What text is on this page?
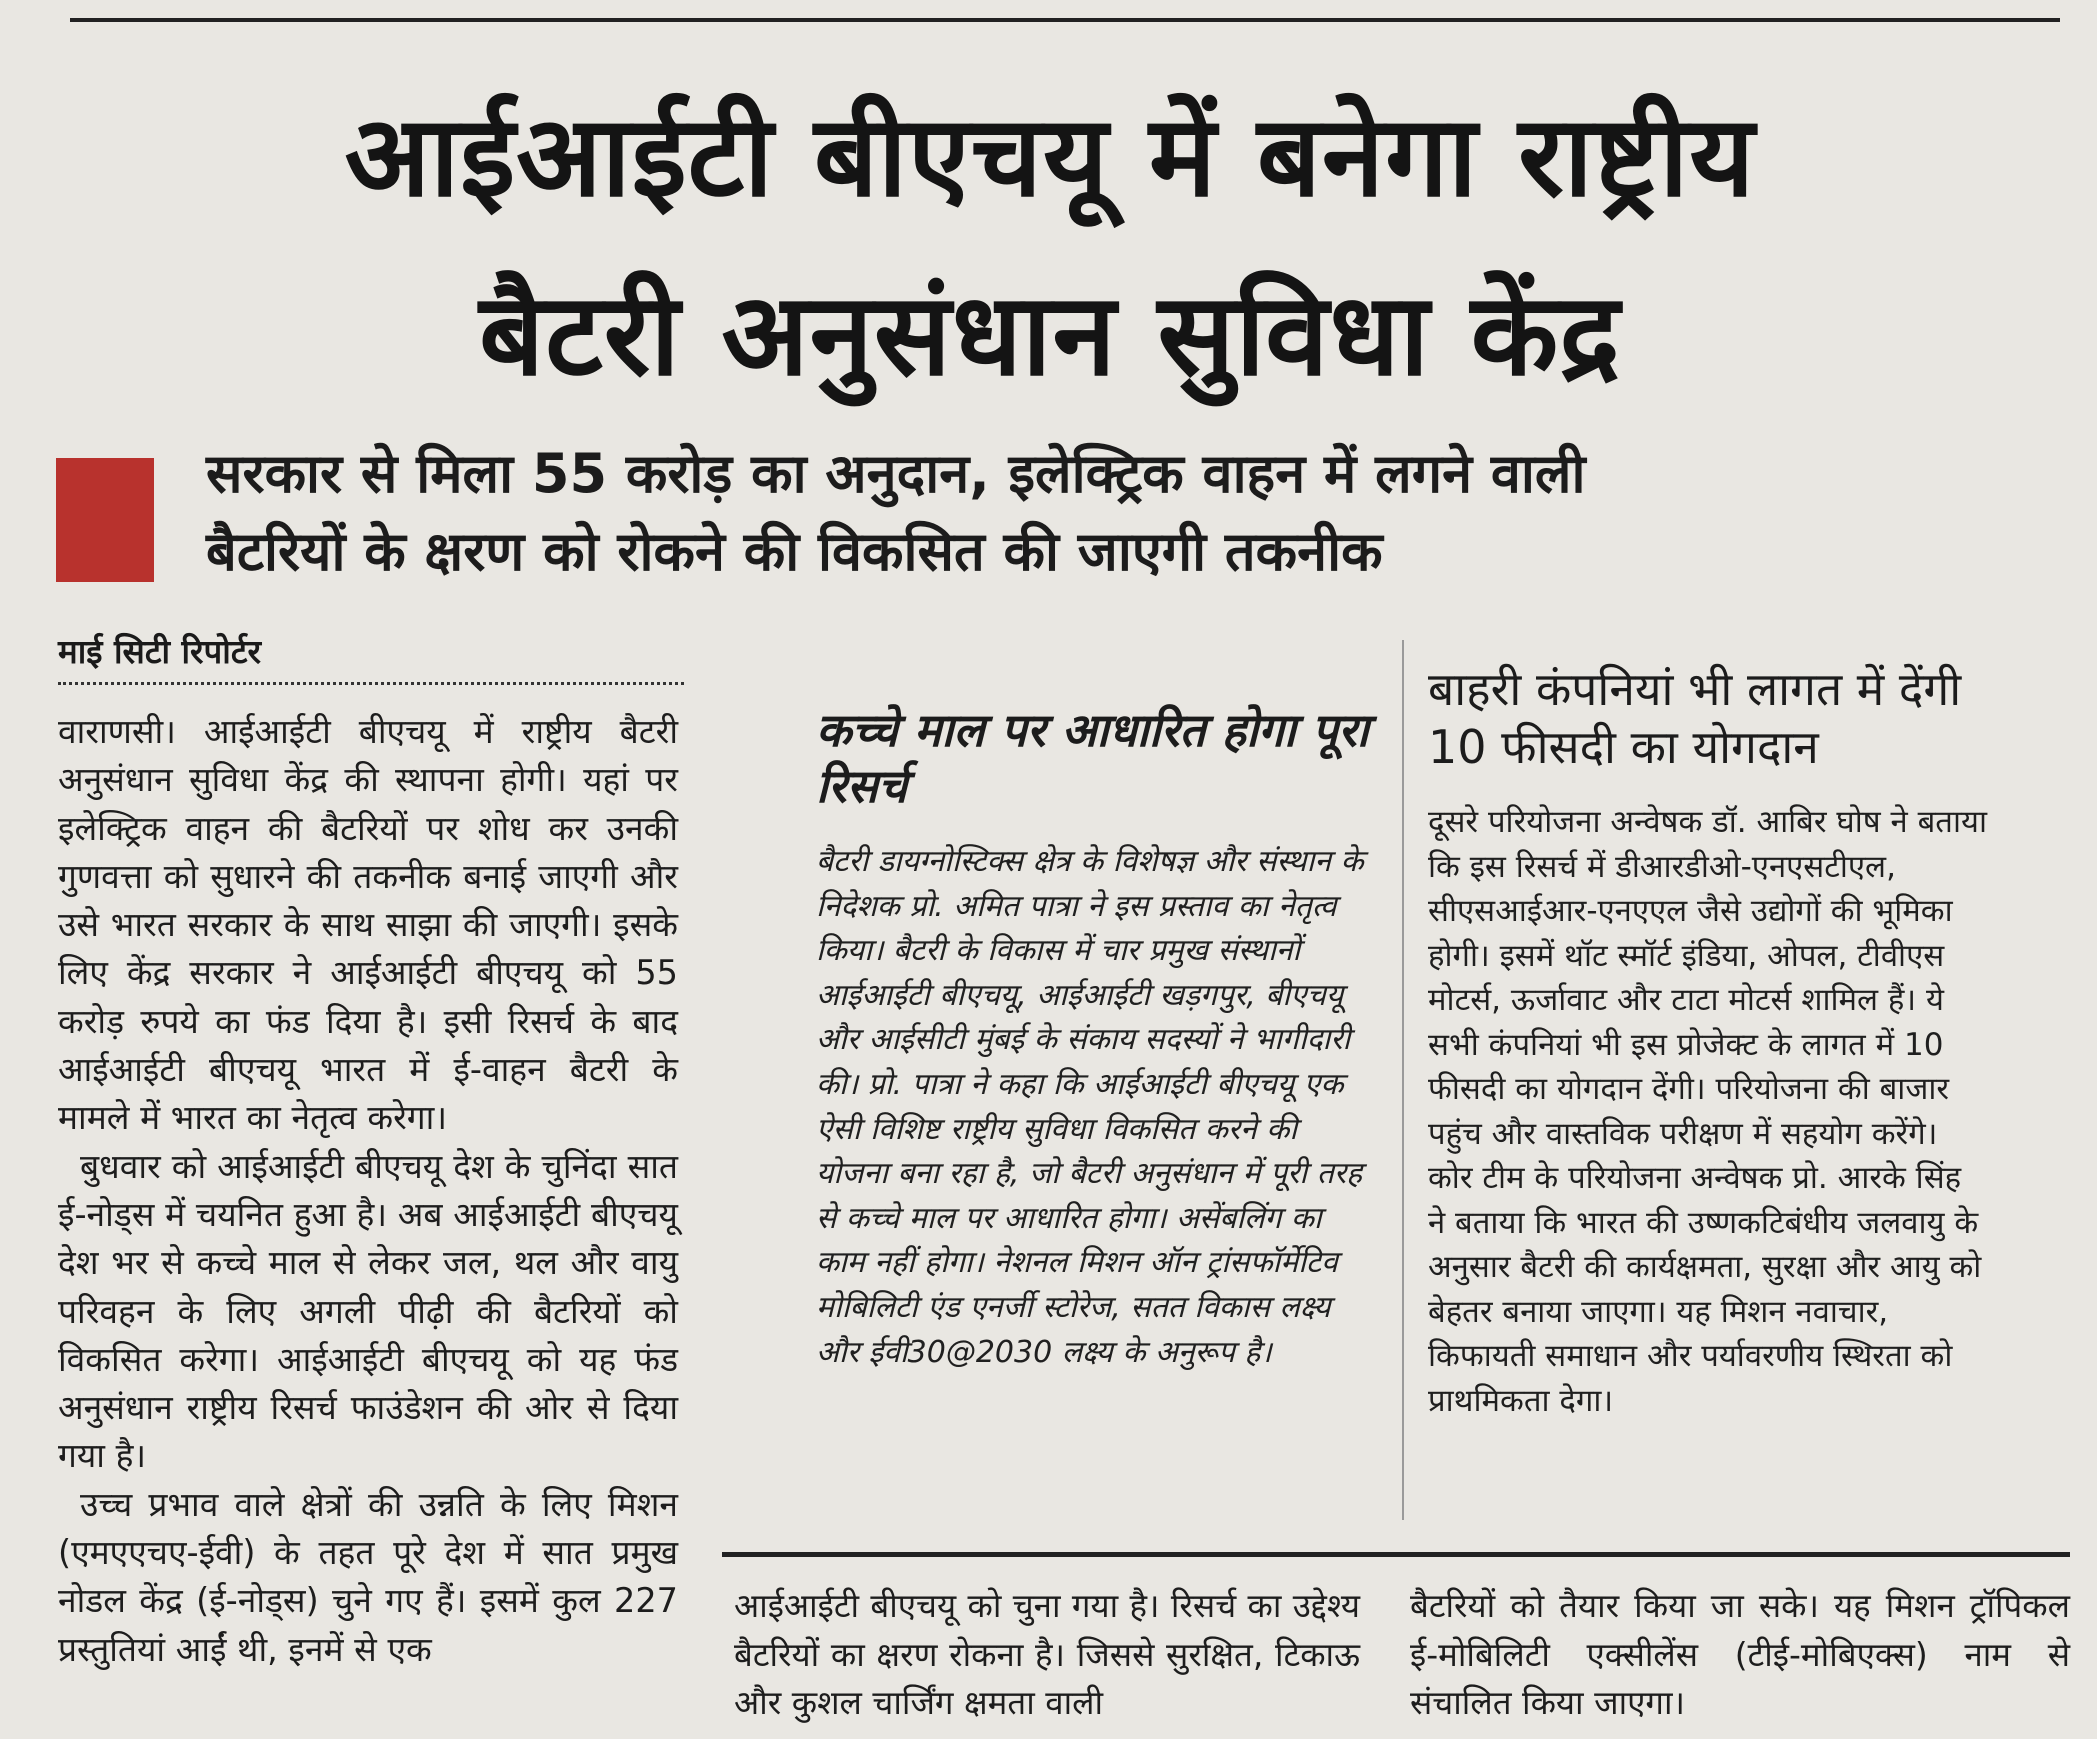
आईआईटी बीएचयू में बनेगा राष्ट्रीय
बैटरी अनुसंधान सुविधा केंद्र
सरकार से मिला 55 करोड़ का अनुदान, इलेक्ट्रिक वाहन में लगने वाली
बैटरियों के क्षरण को रोकने की विकसित की जाएगी तकनीक
माई सिटी रिपोर्टर

वाराणसी। आईआईटी बीएचयू में राष्ट्रीय बैटरी अनुसंधान सुविधा केंद्र की स्थापना होगी। यहां पर इलेक्ट्रिक वाहन की बैटरियों पर शोध कर उनकी गुणवत्ता को सुधारने की तकनीक बनाई जाएगी और उसे भारत सरकार के साथ साझा की जाएगी। इसके लिए केंद्र सरकार ने आईआईटी बीएचयू को 55 करोड़ रुपये का फंड दिया है। इसी रिसर्च के बाद आईआईटी बीएचयू भारत में ई-वाहन बैटरी के मामले में भारत का नेतृत्व करेगा।

बुधवार को आईआईटी बीएचयू देश के चुनिंदा सात ई-नोड्स में चयनित हुआ है। अब आईआईटी बीएचयू देश भर से कच्चे माल से लेकर जल, थल और वायु परिवहन के लिए अगली पीढ़ी की बैटरियों को विकसित करेगा। आईआईटी बीएचयू को यह फंड अनुसंधान राष्ट्रीय रिसर्च फाउंडेशन की ओर से दिया गया है।

उच्च प्रभाव वाले क्षेत्रों की उन्नति के लिए मिशन (एमएएचए-ईवी) के तहत पूरे देश में सात प्रमुख नोडल केंद्र (ई-नोड्स) चुने गए हैं। इसमें कुल 227 प्रस्तुतियां आईं थी, इनमें से एक

कच्चे माल पर आधारित होगा पूरा रिसर्च
बैटरी डायग्नोस्टिक्स क्षेत्र के विशेषज्ञ और संस्थान के निदेशक प्रो. अमित पात्रा ने इस प्रस्ताव का नेतृत्व किया। बैटरी के विकास में चार प्रमुख संस्थानों आईआईटी बीएचयू, आईआईटी खड़गपुर, बीएचयू और आईसीटी मुंबई के संकाय सदस्यों ने भागीदारी की। प्रो. पात्रा ने कहा कि आईआईटी बीएचयू एक ऐसी विशिष्ट राष्ट्रीय सुविधा विकसित करने की योजना बना रहा है, जो बैटरी अनुसंधान में पूरी तरह से कच्चे माल पर आधारित होगा। असेंबलिंग का काम नहीं होगा। नेशनल मिशन ऑन ट्रांसफॉर्मेटिव मोबिलिटी एंड एनर्जी स्टोरेज, सतत विकास लक्ष्य और ईवी30@2030 लक्ष्य के अनुरूप है।
बाहरी कंपनियां भी लागत में देंगी 10 फीसदी का योगदान
दूसरे परियोजना अन्वेषक डॉ. आबिर घोष ने बताया कि इस रिसर्च में डीआरडीओ-एनएसटीएल, सीएसआईआर-एनएएल जैसे उद्योगों की भूमिका होगी। इसमें थॉट स्मॉर्ट इंडिया, ओपल, टीवीएस मोटर्स, ऊर्जावाट और टाटा मोटर्स शामिल हैं। ये सभी कंपनियां भी इस प्रोजेक्ट के लागत में 10 फीसदी का योगदान देंगी। परियोजना की बाजार पहुंच और वास्तविक परीक्षण में सहयोग करेंगे। कोर टीम के परियोजना अन्वेषक प्रो. आरके सिंह ने बताया कि भारत की उष्णकटिबंधीय जलवायु के अनुसार बैटरी की कार्यक्षमता, सुरक्षा और आयु को बेहतर बनाया जाएगा। यह मिशन नवाचार, किफायती समाधान और पर्यावरणीय स्थिरता को प्राथमिकता देगा।
आईआईटी बीएचयू को चुना गया है। रिसर्च का उद्देश्य बैटरियों का क्षरण रोकना है। जिससे सुरक्षित, टिकाऊ और कुशल चार्जिंग क्षमता वाली
बैटरियों को तैयार किया जा सके। यह मिशन ट्रॉपिकल ई-मोबिलिटी एक्सीलेंस (टीई-मोबिएक्स) नाम से संचालित किया जाएगा।
